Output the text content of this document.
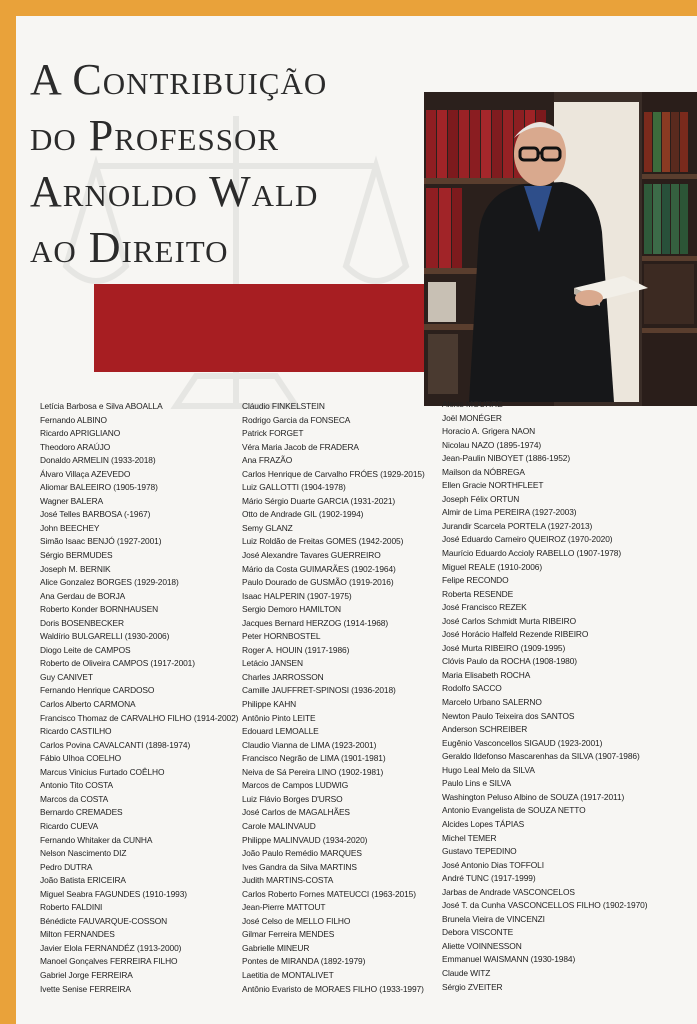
A Contribuição
do Professor
Arnoldo Wald
ao Direito
Letícia Barbosa e Silva ABOALLA
Fernando ALBINO
Ricardo APRIGLIANO
Theodoro ARAÚJO
Donaldo ARMELIN (1933-2018)
Álvaro Villaça AZEVEDO
Aliomar BALEEIRO (1905-1978)
Wagner BALERA
José Telles BARBOSA (-1967)
John BEECHEY
Simão Isaac BENJÓ (1927-2001)
Sérgio BERMUDES
Joseph M. BERNIK
Alice Gonzalez BORGES (1929-2018)
Ana Gerdau de BORJA
Roberto Konder BORNHAUSEN
Doris BOSENBECKER
Waldírio BULGARELLI (1930-2006)
Diogo Leite de CAMPOS
Roberto de Oliveira CAMPOS (1917-2001)
Guy CANIVET
Fernando Henrique CARDOSO
Carlos Alberto CARMONA
Francisco Thomaz de CARVALHO FILHO (1914-2002)
Ricardo CASTILHO
Carlos Povina CAVALCANTI (1898-1974)
Fábio Ulhoa COELHO
Marcus Vinicius Furtado COÊLHO
Antonio Tito COSTA
Marcos da COSTA
Bernardo CREMADES
Ricardo CUEVA
Fernando Whitaker da CUNHA
Nelson Nascimento DIZ
Pedro DUTRA
João Batista ERICEIRA
Miguel Seabra FAGUNDES (1910-1993)
Roberto FALDINI
Bénédicte FAUVARQUE-COSSON
Milton FERNANDES
Javier Elola FERNANDÉZ (1913-2000)
Manoel Gonçalves FERREIRA FILHO
Gabriel Jorge FERREIRA
Ivette Senise FERREIRA
Cláudio FINKELSTEIN
Rodrigo Garcia da FONSECA
Patrick FORGET
Véra Maria Jacob de FRADERA
Ana FRAZÃO
Carlos Henrique de Carvalho FRÓES (1929-2015)
Luiz GALLOTTI (1904-1978)
Mário Sérgio Duarte GARCIA (1931-2021)
Otto de Andrade GIL (1902-1994)
Semy GLANZ
Luiz Roldão de Freitas GOMES (1942-2005)
José Alexandre Tavares GUERREIRO
Mário da Costa GUIMARÃES (1902-1964)
Paulo Dourado de GUSMÃO (1919-2016)
Isaac HALPERIN (1907-1975)
Sergio Demoro HAMILTON
Jacques Bernard HERZOG (1914-1968)
Peter HORNBOSTEL
Roger A. HOUIN (1917-1986)
Letácio JANSEN
Charles JARROSSON
Camille JAUFFRET-SPINOSI (1936-2018)
Philippe KAHN
Antônio Pinto LEITE
Edouard LEMOALLE
Claudio Vianna de LIMA (1923-2001)
Francisco Negrão de LIMA (1901-1981)
Neiva de Sá Pereira LINO (1902-1981)
Marcos de Campos LUDWIG
Luiz Flávio Borges D'URSO
José Carlos de MAGALHÃES
Carole MALINVAUD
Philippe MALINVAUD (1934-2020)
João Paulo Remédio MARQUES
Ives Gandra da Silva MARTINS
Judith MARTINS-COSTA
Carlos Roberto Fornes MATEUCCI (1963-2015)
Jean-Pierre MATTOUT
José Celso de MELLO FILHO
Gilmar Ferreira MENDES
Gabrielle MINEUR
Pontes de MIRANDA (1892-1979)
Laetitia de MONTALIVET
Antônio Evaristo de MORAES FILHO (1933-1997)
Alexis MOURRE
Joël MONÉGER
Horacio A. Grigera NAON
Nicolau NAZO (1895-1974)
Jean-Paulin NIBOYET (1886-1952)
Mailson da NÓBREGA
Ellen Gracie NORTHFLEET
Joseph Félix ORTUN
Almir de Lima PEREIRA (1927-2003)
Jurandir Scarcela PORTELA (1927-2013)
José Eduardo Carneiro QUEIROZ (1970-2020)
Maurício Eduardo Accioly RABELLO (1907-1978)
Miguel REALE (1910-2006)
Felipe RECONDO
Roberta RESENDE
José Francisco REZEK
José Carlos Schmidt Murta RIBEIRO
José Horácio Halfeld Rezende RIBEIRO
José Murta RIBEIRO (1909-1995)
Clóvis Paulo da ROCHA (1908-1980)
Maria Elisabeth ROCHA
Rodolfo SACCO
Marcelo Urbano SALERNO
Newton Paulo Teixeira dos SANTOS
Anderson SCHREIBER
Eugênio Vasconcellos SIGAUD (1923-2001)
Geraldo Ildefonso Mascarenhas da SILVA (1907-1986)
Hugo Leal Melo da SILVA
Paulo Lins e SILVA
Washington Peluso Albino de SOUZA (1917-2011)
Antonio Evangelista de SOUZA NETTO
Alcides Lopes TÁPIAS
Michel TEMER
Gustavo TEPEDINO
José Antonio Dias TOFFOLI
André TUNC (1917-1999)
Jarbas de Andrade VASCONCELOS
José T. da Cunha VASCONCELLOS FILHO (1902-1970)
Brunela Vieira de VINCENZI
Debora VISCONTE
Aliette VOINNESSON
Emmanuel WAISMANN (1930-1984)
Claude WITZ
Sérgio ZVEITER
